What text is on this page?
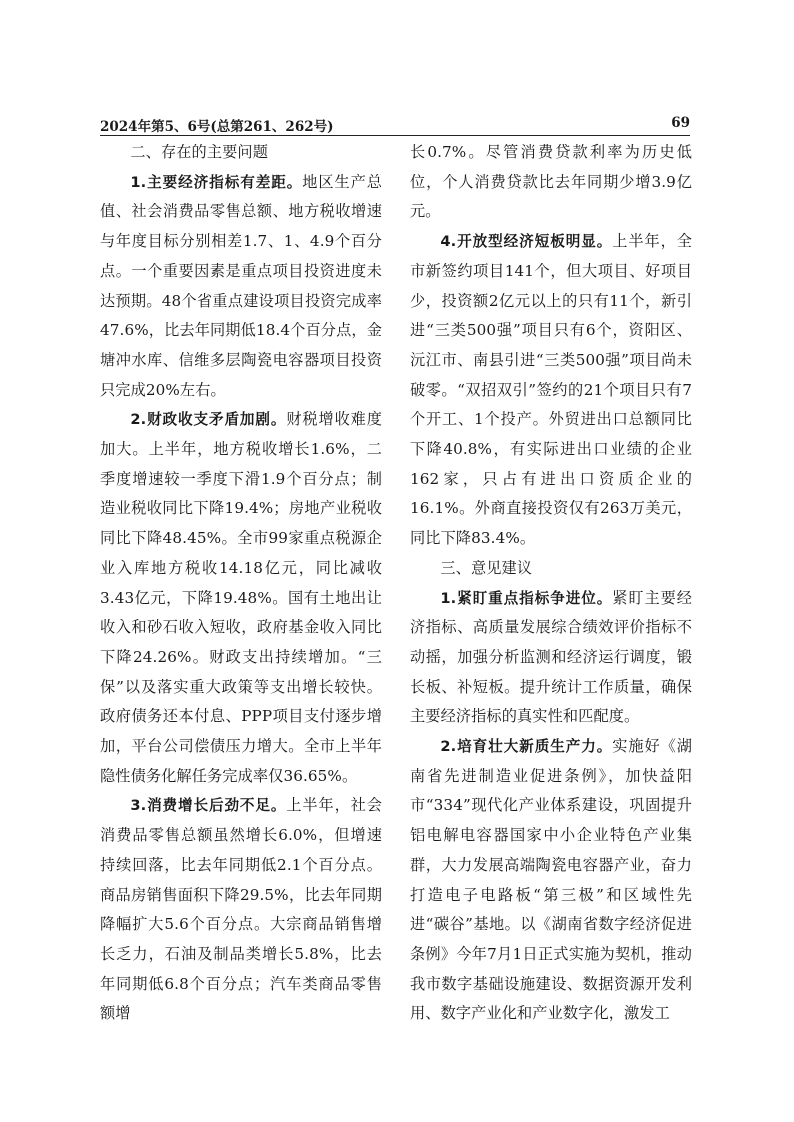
2024年第5、6号(总第261、262号)	69

二、存在的主要问题

1.主要经济指标有差距。地区生产总值、社会消费品零售总额、地方税收增速与年度目标分别相差1.7、1、4.9个百分点。一个重要因素是重点项目投资进度未达预期。48个省重点建设项目投资完成率47.6%，比去年同期低18.4个百分点，金塘冲水库、信维多层陶瓷电容器项目投资只完成20%左右。

2.财政收支矛盾加剧。财税增收难度加大。上半年，地方税收增长1.6%，二季度增速较一季度下滑1.9个百分点；制造业税收同比下降19.4%；房地产业税收同比下降48.45%。全市99家重点税源企业入库地方税收14.18亿元，同比减收3.43亿元，下降19.48%。国有土地出让收入和砂石收入短收，政府基金收入同比下降24.26%。财政支出持续增加。“三保”以及落实重大政策等支出增长较快。政府债务还本付息、PPP项目支付逐步增加，平台公司偿债压力增大。全市上半年隐性债务化解任务完成率仅36.65%。

3.消费增长后劲不足。上半年，社会消费品零售总额虽然增长6.0%，但增速持续回落，比去年同期低2.1个百分点。商品房销售面积下降29.5%，比去年同期降幅扩大5.6个百分点。大宗商品销售增长乏力，石油及制品类增长5.8%，比去年同期低6.8个百分点；汽车类商品零售额增

长0.7%。尽管消费贷款利率为历史低位，个人消费贷款比去年同期少增3.9亿元。

4.开放型经济短板明显。上半年，全市新签约项目141个，但大项目、好项目少，投资额2亿元以上的只有11个，新引进“三类500强”项目只有6个，资阳区、沅江市、南县引进“三类500强”项目尚未破零。“双招双引”签约的21个项目只有7个开工、1个投产。外贸进出口总额同比下降40.8%，有实际进出口业绩的企业162家，只占有进出口资质企业的16.1%。外商直接投资仅有263万美元，同比下降83.4%。

三、意见建议

1.紧盯重点指标争进位。紧盯主要经济指标、高质量发展综合绩效评价指标不动摇，加强分析监测和经济运行调度，锻长板、补短板。提升统计工作质量，确保主要经济指标的真实性和匹配度。

2.培育壮大新质生产力。实施好《湖南省先进制造业促进条例》，加快益阳市“334”现代化产业体系建设，巩固提升铝电解电容器国家中小企业特色产业集群，大力发展高端陶瓷电容器产业，奋力打造电子电路板“第三极”和区域性先进“碳谷”基地。以《湖南省数字经济促进条例》今年7月1日正式实施为契机，推动我市数字基础设施建设、数据资源开发利用、数字产业化和产业数字化，激发工
